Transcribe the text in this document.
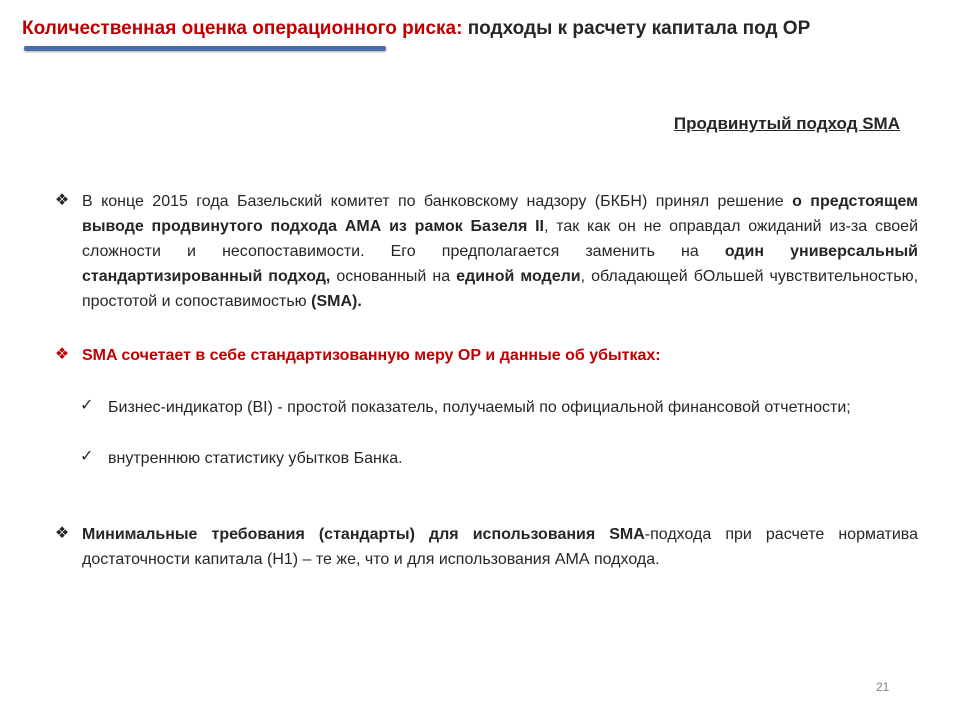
Количественная оценка операционного риска: подходы к расчету капитала под ОР
Продвинутый подход SMA
❖ В конце 2015 года Базельский комитет по банковскому надзору (БКБН) принял решение о предстоящем выводе продвинутого подхода АМА из рамок Базеля II, так как он не оправдал ожиданий из-за своей сложности и несопоставимости. Его предполагается заменить на один универсальный стандартизированный подход, основанный на единой модели, обладающей бОльшей чувствительностью, простотой и сопоставимостью (SMA).
❖ SMA сочетает в себе стандартизованную меру ОР и данные об убытках:
✓ Бизнес-индикатор (BI) - простой показатель, получаемый по официальной финансовой отчетности;
✓ внутреннюю статистику убытков Банка.
❖ Минимальные требования (стандарты) для использования SMA-подхода при расчете норматива достаточности капитала (Н1) – те же, что и для использования АМА подхода.
21
